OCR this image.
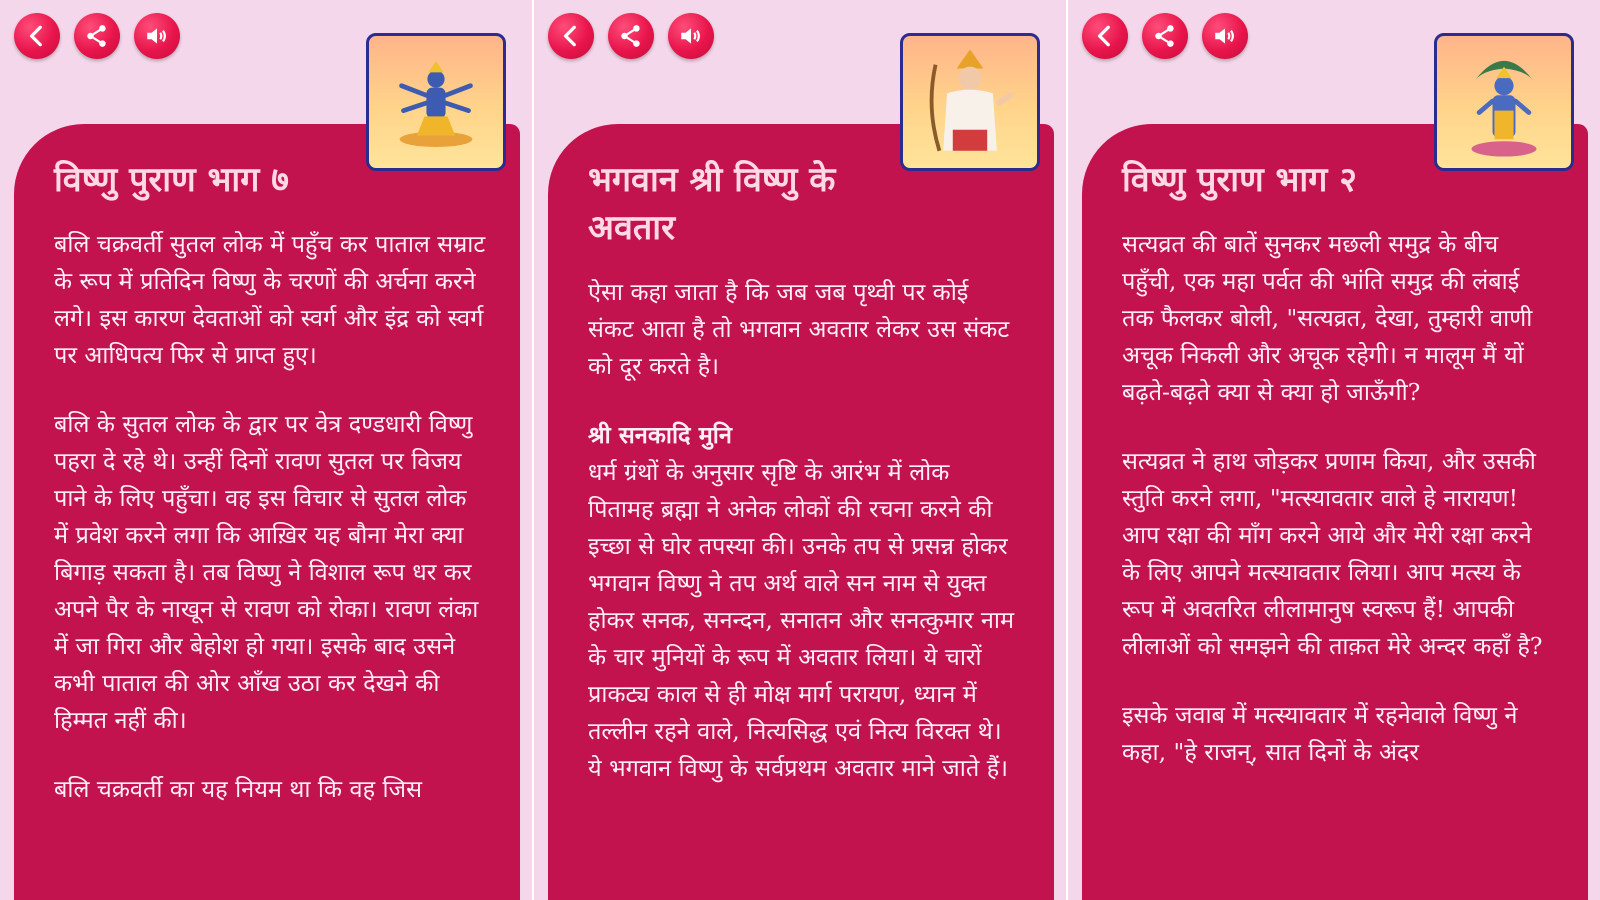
विष्णु पुराण भाग ७

बलि चक्रवर्ती सुतल लोक में पहुँच कर पाताल सम्राट के रूप में प्रतिदिन विष्णु के चरणों की अर्चना करने लगे। इस कारण देवताओं को स्वर्ग और इंद्र को स्वर्ग पर आधिपत्य फिर से प्राप्त हुए।

बलि के सुतल लोक के द्वार पर वेत्र दण्डधारी विष्णु पहरा दे रहे थे। उन्हीं दिनों रावण सुतल पर विजय पाने के लिए पहुँचा। वह इस विचार से सुतल लोक में प्रवेश करने लगा कि आख़िर यह बौना मेरा क्या बिगाड़ सकता है। तब विष्णु ने विशाल रूप धर कर अपने पैर के नाखून से रावण को रोका। रावण लंका में जा गिरा और बेहोश हो गया। इसके बाद उसने कभी पाताल की ओर आँख उठा कर देखने की हिम्मत नहीं की।

बलि चक्रवर्ती का यह नियम था कि वह जिस

भगवान श्री विष्णु के अवतार

ऐसा कहा जाता है कि जब जब पृथ्वी पर कोई संकट आता है तो भगवान अवतार लेकर उस संकट को दूर करते है।

श्री सनकादि मुनि

धर्म ग्रंथों के अनुसार सृष्टि के आरंभ में लोक पितामह ब्रह्मा ने अनेक लोकों की रचना करने की इच्छा से घोर तपस्या की। उनके तप से प्रसन्न होकर भगवान विष्णु ने तप अर्थ वाले सन नाम से युक्त होकर सनक, सनन्दन, सनातन और सनत्कुमार नाम के चार मुनियों के रूप में अवतार लिया। ये चारों प्राकट्य काल से ही मोक्ष मार्ग परायण, ध्यान में तल्लीन रहने वाले, नित्यसिद्ध एवं नित्य विरक्त थे। ये भगवान विष्णु के सर्वप्रथम अवतार माने जाते हैं।

विष्णु पुराण भाग २

सत्यव्रत की बातें सुनकर मछली समुद्र के बीच पहुँची, एक महा पर्वत की भांति समुद्र की लंबाई तक फैलकर बोली, "सत्यव्रत, देखा, तुम्हारी वाणी अचूक निकली और अचूक रहेगी। न मालूम मैं यों बढ़ते-बढ़ते क्या से क्या हो जाऊँगी?

सत्यव्रत ने हाथ जोड़कर प्रणाम किया, और उसकी स्तुति करने लगा, "मत्स्यावतार वाले हे नारायण! आप रक्षा की माँग करने आये और मेरी रक्षा करने के लिए आपने मत्स्यावतार लिया। आप मत्स्य के रूप में अवतरित लीलामानुष स्वरूप हैं! आपकी लीलाओं को समझने की ताक़त मेरे अन्दर कहाँ है?

इसके जवाब में मत्स्यावतार में रहनेवाले विष्णु ने कहा, "हे राजन्, सात दिनों के अंदर
